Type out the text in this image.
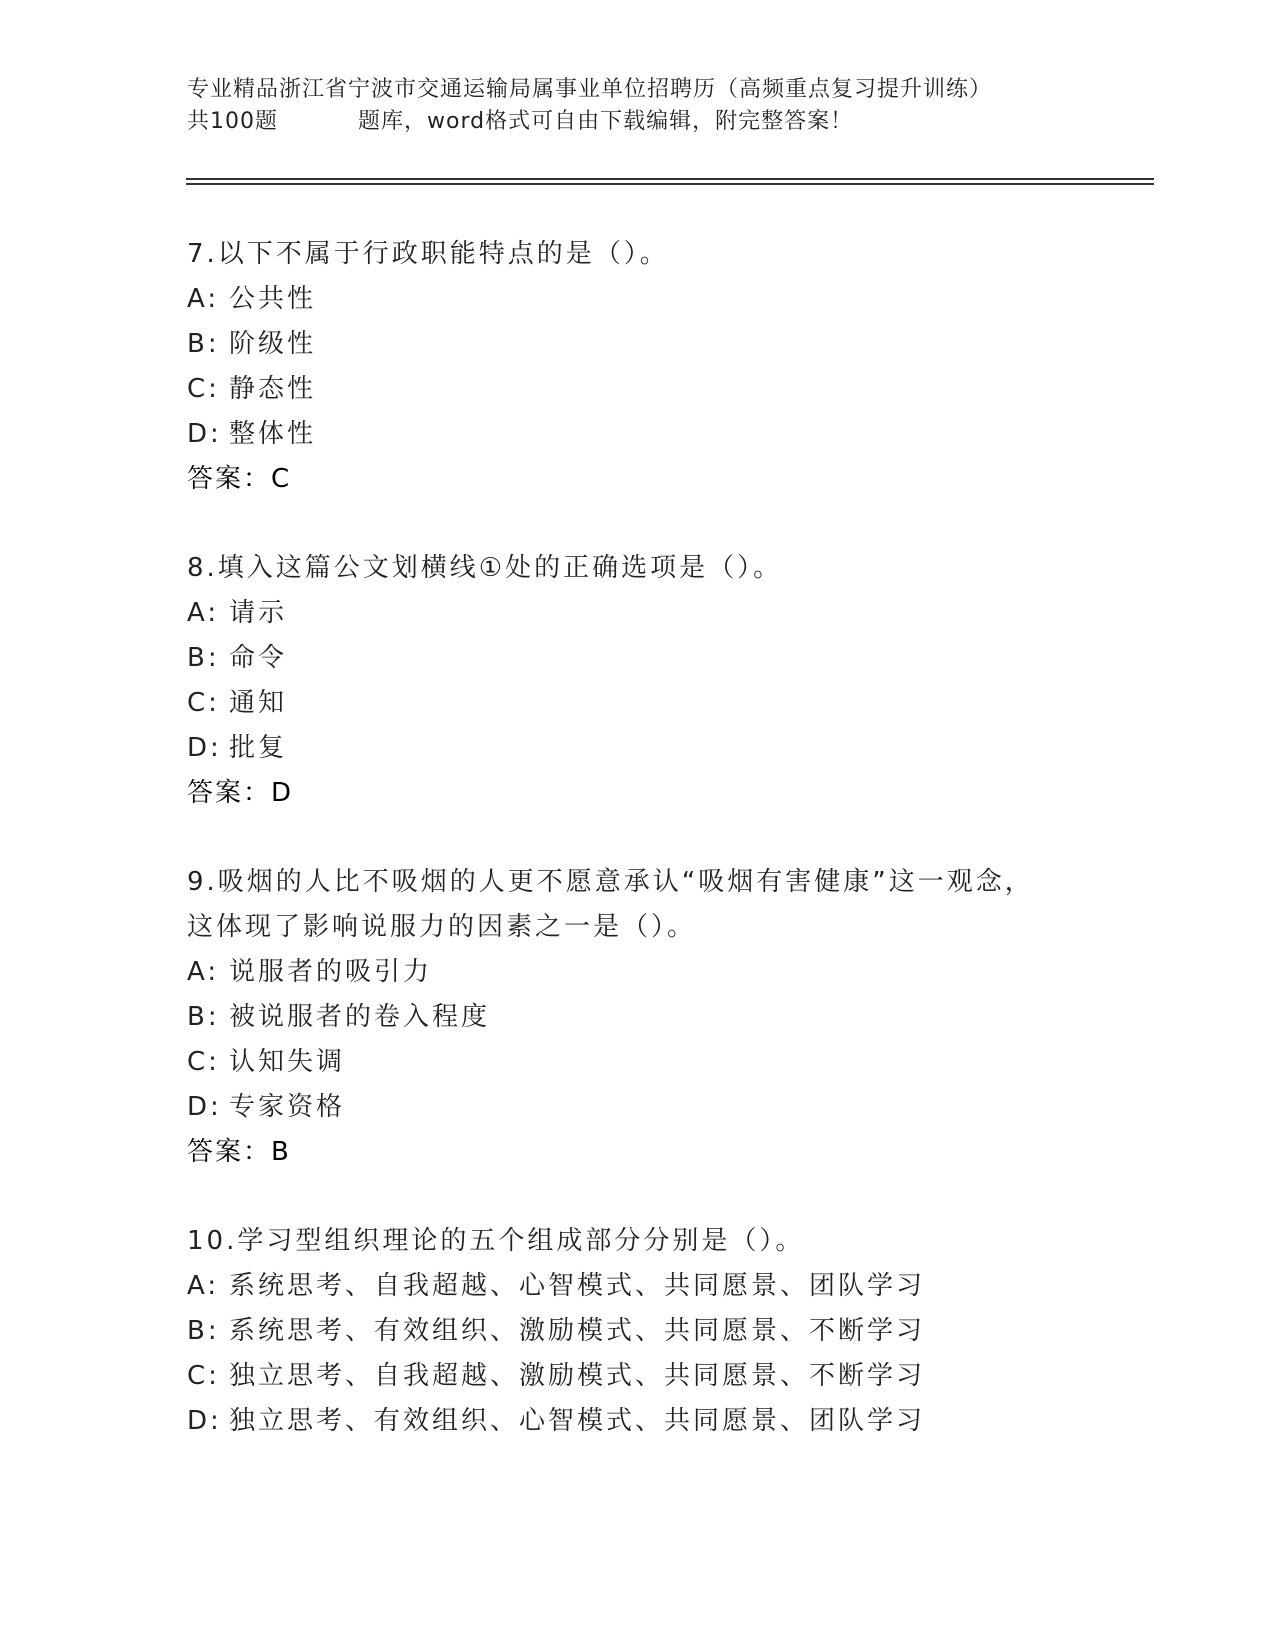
专业精品浙江省宁波市交通运输局属事业单位招聘历（高频重点复习提升训练）
共100题	题库，word格式可自由下载编辑，附完整答案！
7.以下不属于行政职能特点的是（）。
A: 公共性
B: 阶级性
C: 静态性
D: 整体性
答案：C
8.填入这篇公文划横线①处的正确选项是（）。
A: 请示
B: 命令
C: 通知
D: 批复
答案：D
9.吸烟的人比不吸烟的人更不愿意承认“吸烟有害健康”这一观念，
这体现了影响说服力的因素之一是（）。
A: 说服者的吸引力
B: 被说服者的卷入程度
C: 认知失调
D: 专家资格
答案：B
10.学习型组织理论的五个组成部分分别是（）。
A: 系统思考、自我超越、心智模式、共同愿景、团队学习
B: 系统思考、有效组织、激励模式、共同愿景、不断学习
C: 独立思考、自我超越、激励模式、共同愿景、不断学习
D: 独立思考、有效组织、心智模式、共同愿景、团队学习
